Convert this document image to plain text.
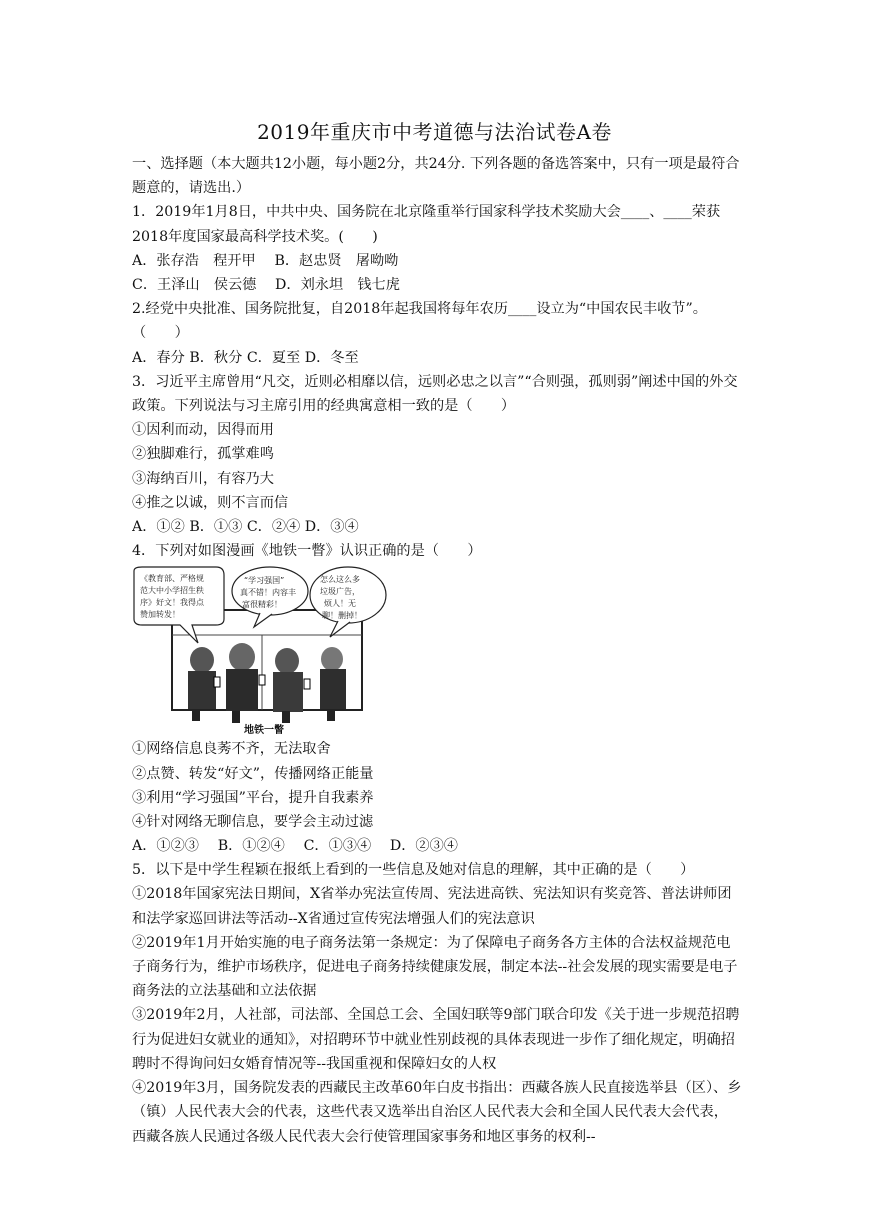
2019年重庆市中考道德与法治试卷A卷
一、选择题（本大题共12小题，每小题2分，共24分. 下列各题的备选答案中，只有一项是最符合题意的，请选出.）
1．2019年1月8日，中共中央、国务院在北京隆重举行国家科学技术奖励大会____、____荣获2018年度国家最高科学技术奖。(　　)
A．张存浩　程开甲　 B．赵忠贤　屠呦呦
C．王泽山　侯云德　 D．刘永坦　钱七虎
2.经党中央批准、国务院批复，自2018年起我国将每年农历____设立为“中国农民丰收节”。（　　）
A．春分 B．秋分 C．夏至 D．冬至
3．习近平主席曾用“凡交，近则必相靡以信，远则必忠之以言”“合则强，孤则弱”阐述中国的外交政策。下列说法与习主席引用的经典寓意相一致的是（　　）
①因利而动，因得而用
②独脚难行，孤掌难鸣
③海纳百川，有容乃大
④推之以诚，则不言而信
A．①② B．①③ C．②④ D．③④
4．下列对如图漫画《地铁一瞥》认识正确的是（　　）
《教育部、严格规
范大中小学招生秩
序》好文！我得点
赞加转发！
“学习强国”
真不错！内容丰
富很精彩！
怎么这么多
垃圾广告，
烦人！无
聊！删掉！
地铁一瞥
①网络信息良莠不齐，无法取舍
②点赞、转发“好文”，传播网络正能量
③利用“学习强国”平台，提升自我素养
④针对网络无聊信息，要学会主动过滤
A．①②③　 B．①②④　 C．①③④　 D．②③④
5．以下是中学生程颖在报纸上看到的一些信息及她对信息的理解，其中正确的是（　　）
①2018年国家宪法日期间，X省举办宪法宣传周、宪法进高铁、宪法知识有奖竞答、普法讲师团和法学家巡回讲法等活动--X省通过宣传宪法增强人们的宪法意识
②2019年1月开始实施的电子商务法第一条规定：为了保障电子商务各方主体的合法权益规范电子商务行为，维护市场秩序，促进电子商务持续健康发展，制定本法--社会发展的现实需要是电子商务法的立法基础和立法依据
③2019年2月，人社部，司法部、全国总工会、全国妇联等9部门联合印发《关于进一步规范招聘行为促进妇女就业的通知》，对招聘环节中就业性别歧视的具体表现进一步作了细化规定，明确招聘时不得询问妇女婚育情况等--我国重视和保障妇女的人权
④2019年3月，国务院发表的西藏民主改革60年白皮书指出：西藏各族人民直接选举县（区）、乡（镇）人民代表大会的代表，这些代表又选举出自治区人民代表大会和全国人民代表大会代表，西藏各族人民通过各级人民代表大会行使管理国家事务和地区事务的权利--
